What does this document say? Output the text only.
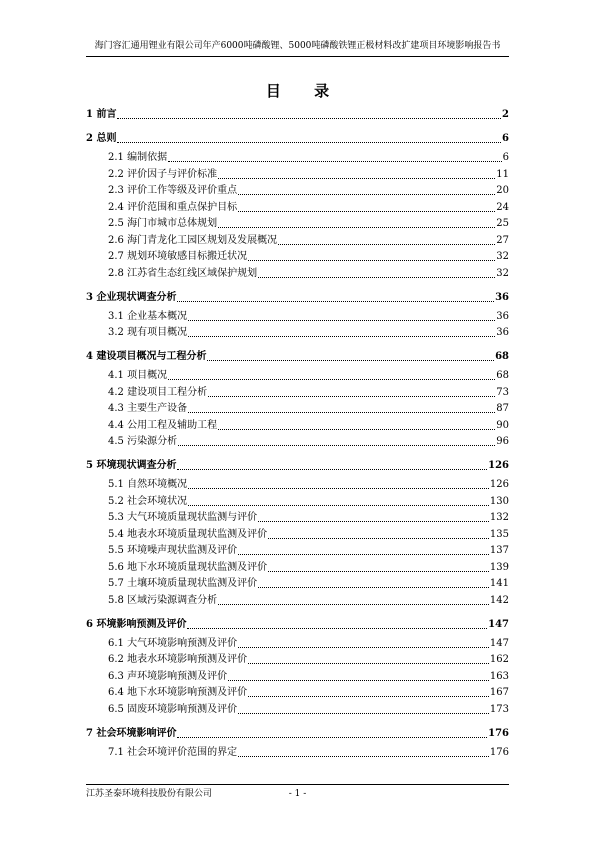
海门容汇通用锂业有限公司年产6000吨磷酸锂、5000吨磷酸铁锂正极材料改扩建项目环境影响报告书
目 录
1 前言	2
2 总则	6
2.1 编制依据	6
2.2 评价因子与评价标准	11
2.3 评价工作等级及评价重点	20
2.4 评价范围和重点保护目标	24
2.5 海门市城市总体规划	25
2.6 海门青龙化工园区规划及发展概况	27
2.7 规划环境敏感目标搬迁状况	32
2.8 江苏省生态红线区域保护规划	32
3 企业现状调查分析	36
3.1 企业基本概况	36
3.2 现有项目概况	36
4 建设项目概况与工程分析	68
4.1 项目概况	68
4.2 建设项目工程分析	73
4.3 主要生产设备	87
4.4 公用工程及辅助工程	90
4.5 污染源分析	96
5 环境现状调查分析	126
5.1 自然环境概况	126
5.2 社会环境状况	130
5.3 大气环境质量现状监测与评价	132
5.4 地表水环境质量现状监测及评价	135
5.5 环境噪声现状监测及评价	137
5.6 地下水环境质量现状监测及评价	139
5.7 土壤环境质量现状监测及评价	141
5.8 区域污染源调查分析	142
6 环境影响预测及评价	147
6.1 大气环境影响预测及评价	147
6.2 地表水环境影响预测及评价	162
6.3 声环境影响预测及评价	163
6.4 地下水环境影响预测及评价	167
6.5 固废环境影响预测及评价	173
7 社会环境影响评价	176
7.1 社会环境评价范围的界定	176
江苏圣泰环境科技股份有限公司	- 1 -
